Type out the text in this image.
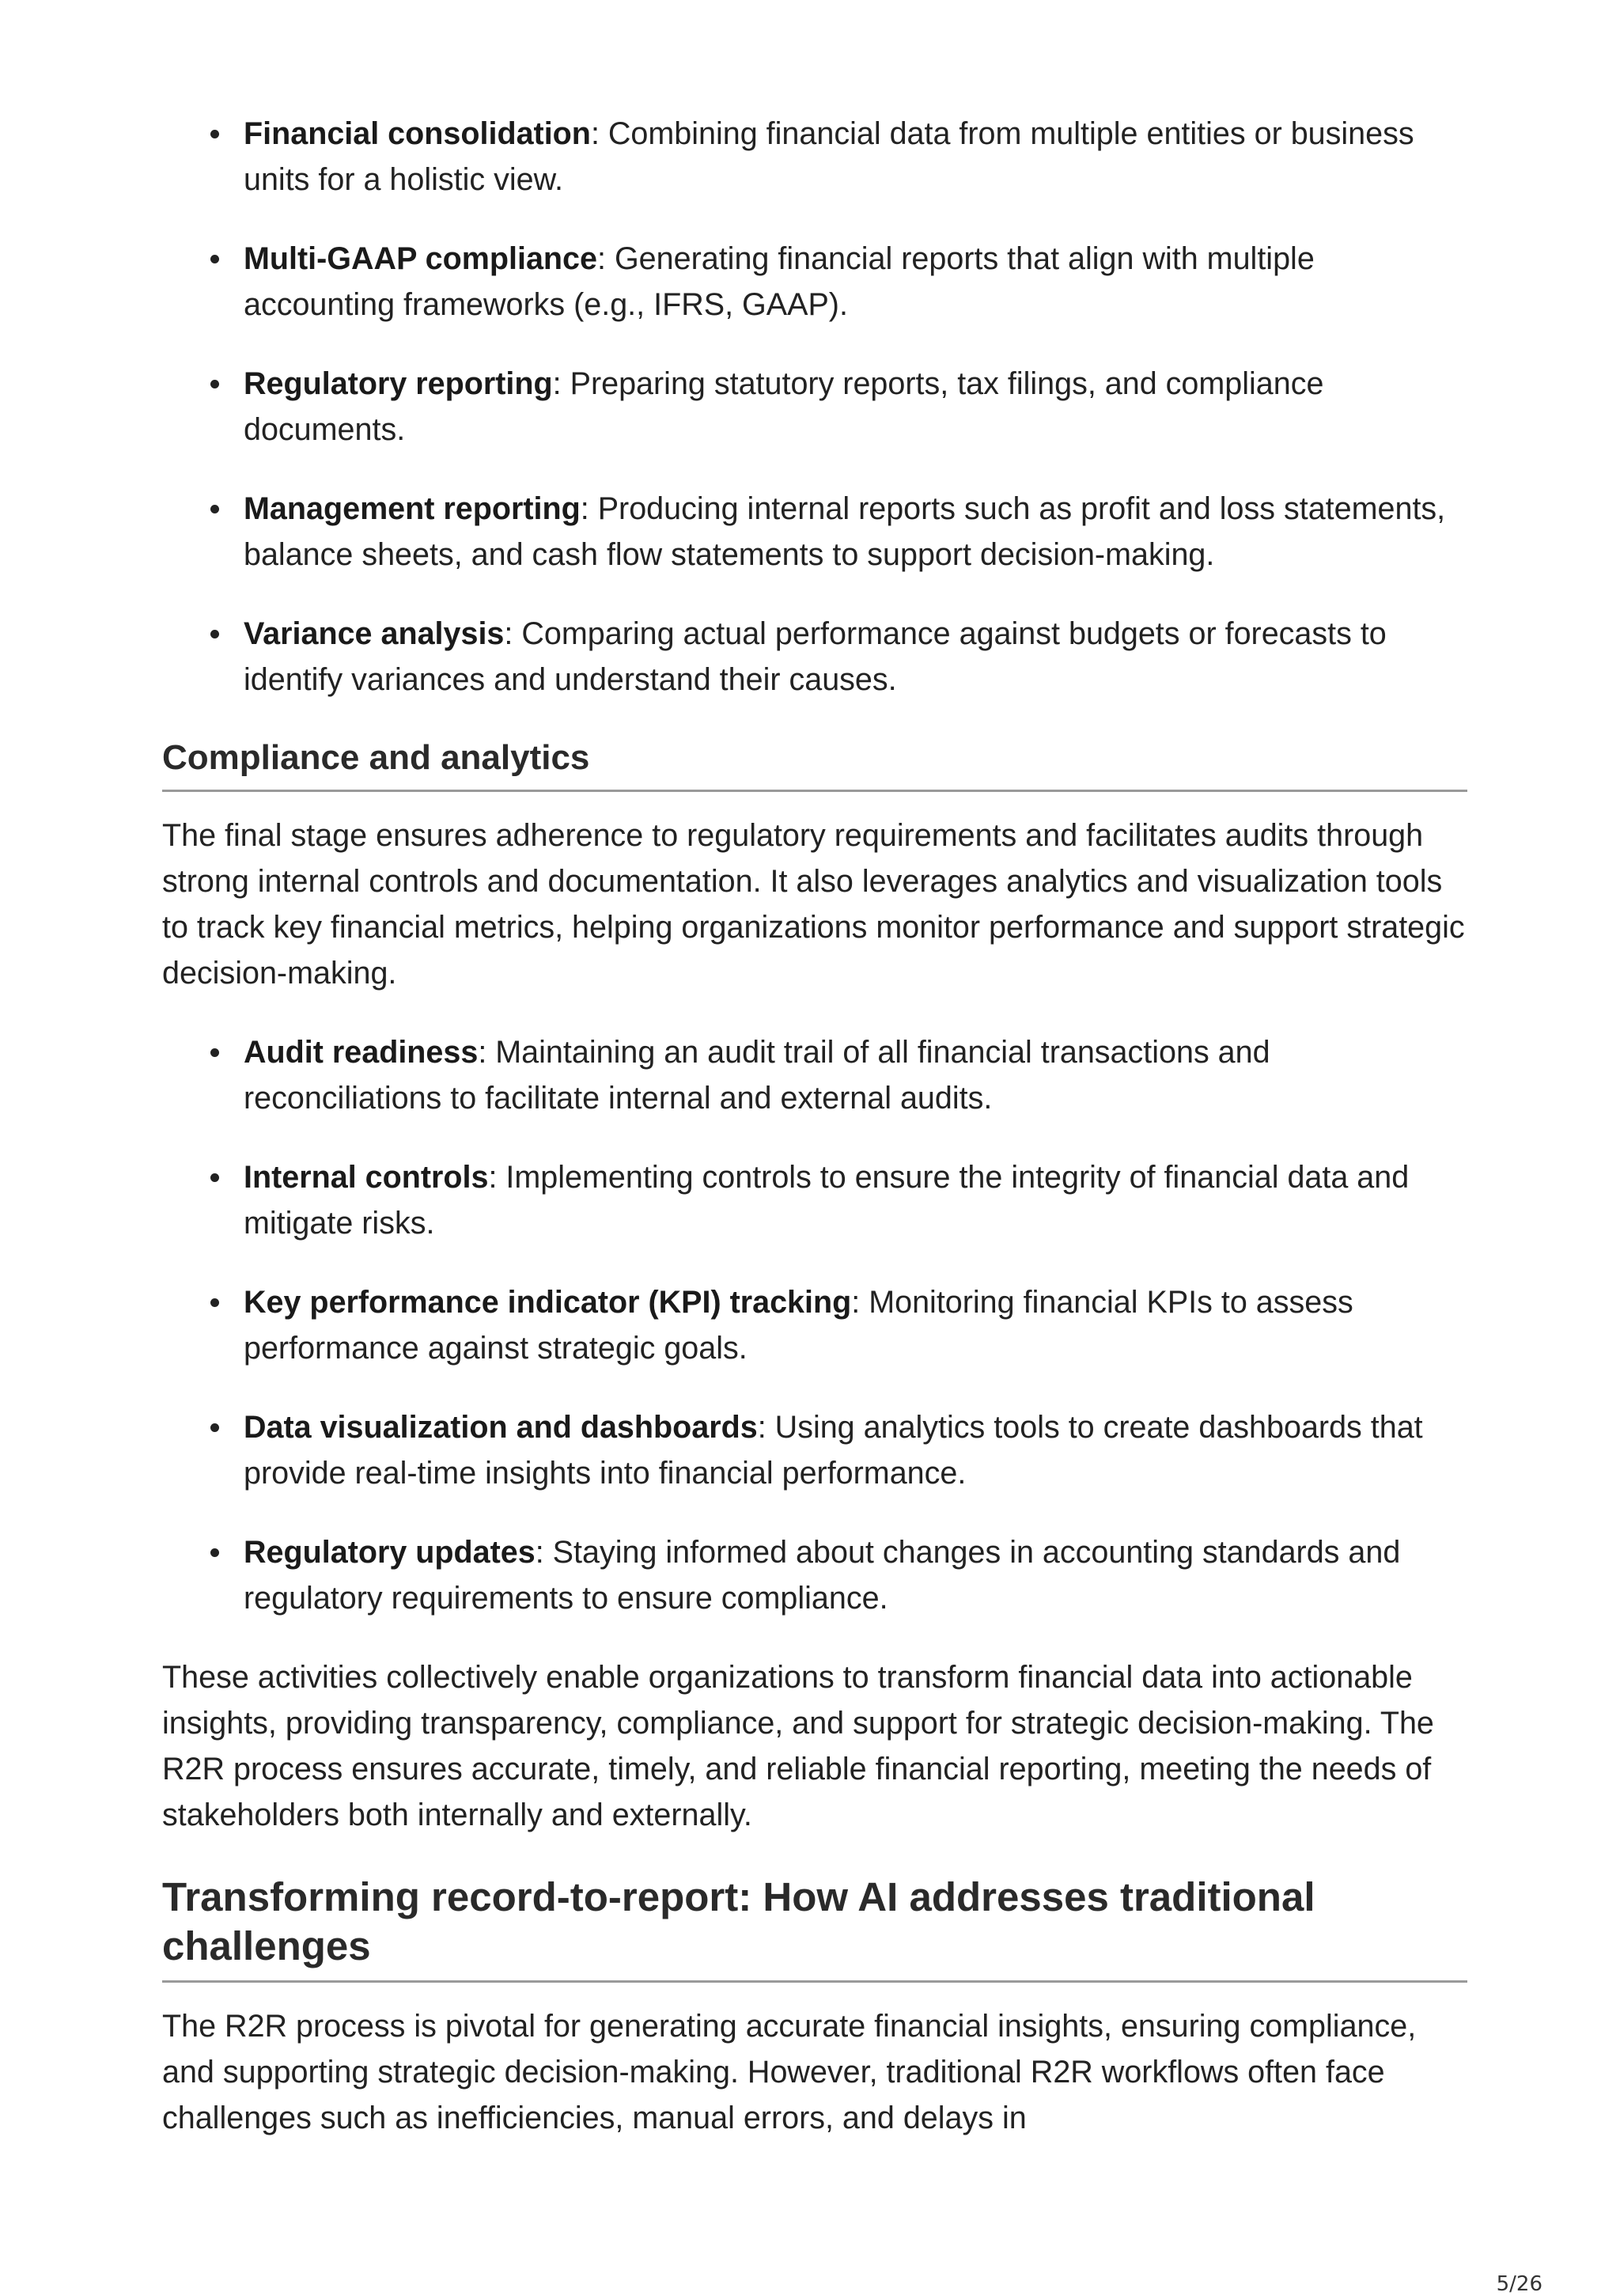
Financial consolidation: Combining financial data from multiple entities or business units for a holistic view.
Multi-GAAP compliance: Generating financial reports that align with multiple accounting frameworks (e.g., IFRS, GAAP).
Regulatory reporting: Preparing statutory reports, tax filings, and compliance documents.
Management reporting: Producing internal reports such as profit and loss statements, balance sheets, and cash flow statements to support decision-making.
Variance analysis: Comparing actual performance against budgets or forecasts to identify variances and understand their causes.
Compliance and analytics

The final stage ensures adherence to regulatory requirements and facilitates audits through strong internal controls and documentation. It also leverages analytics and visualization tools to track key financial metrics, helping organizations monitor performance and support strategic decision-making.

Audit readiness: Maintaining an audit trail of all financial transactions and reconciliations to facilitate internal and external audits.
Internal controls: Implementing controls to ensure the integrity of financial data and mitigate risks.
Key performance indicator (KPI) tracking: Monitoring financial KPIs to assess performance against strategic goals.
Data visualization and dashboards: Using analytics tools to create dashboards that provide real-time insights into financial performance.
Regulatory updates: Staying informed about changes in accounting standards and regulatory requirements to ensure compliance.

These activities collectively enable organizations to transform financial data into actionable insights, providing transparency, compliance, and support for strategic decision-making. The R2R process ensures accurate, timely, and reliable financial reporting, meeting the needs of stakeholders both internally and externally.

Transforming record-to-report: How AI addresses traditional challenges

The R2R process is pivotal for generating accurate financial insights, ensuring compliance, and supporting strategic decision-making. However, traditional R2R workflows often face challenges such as inefficiencies, manual errors, and delays in

5/26
